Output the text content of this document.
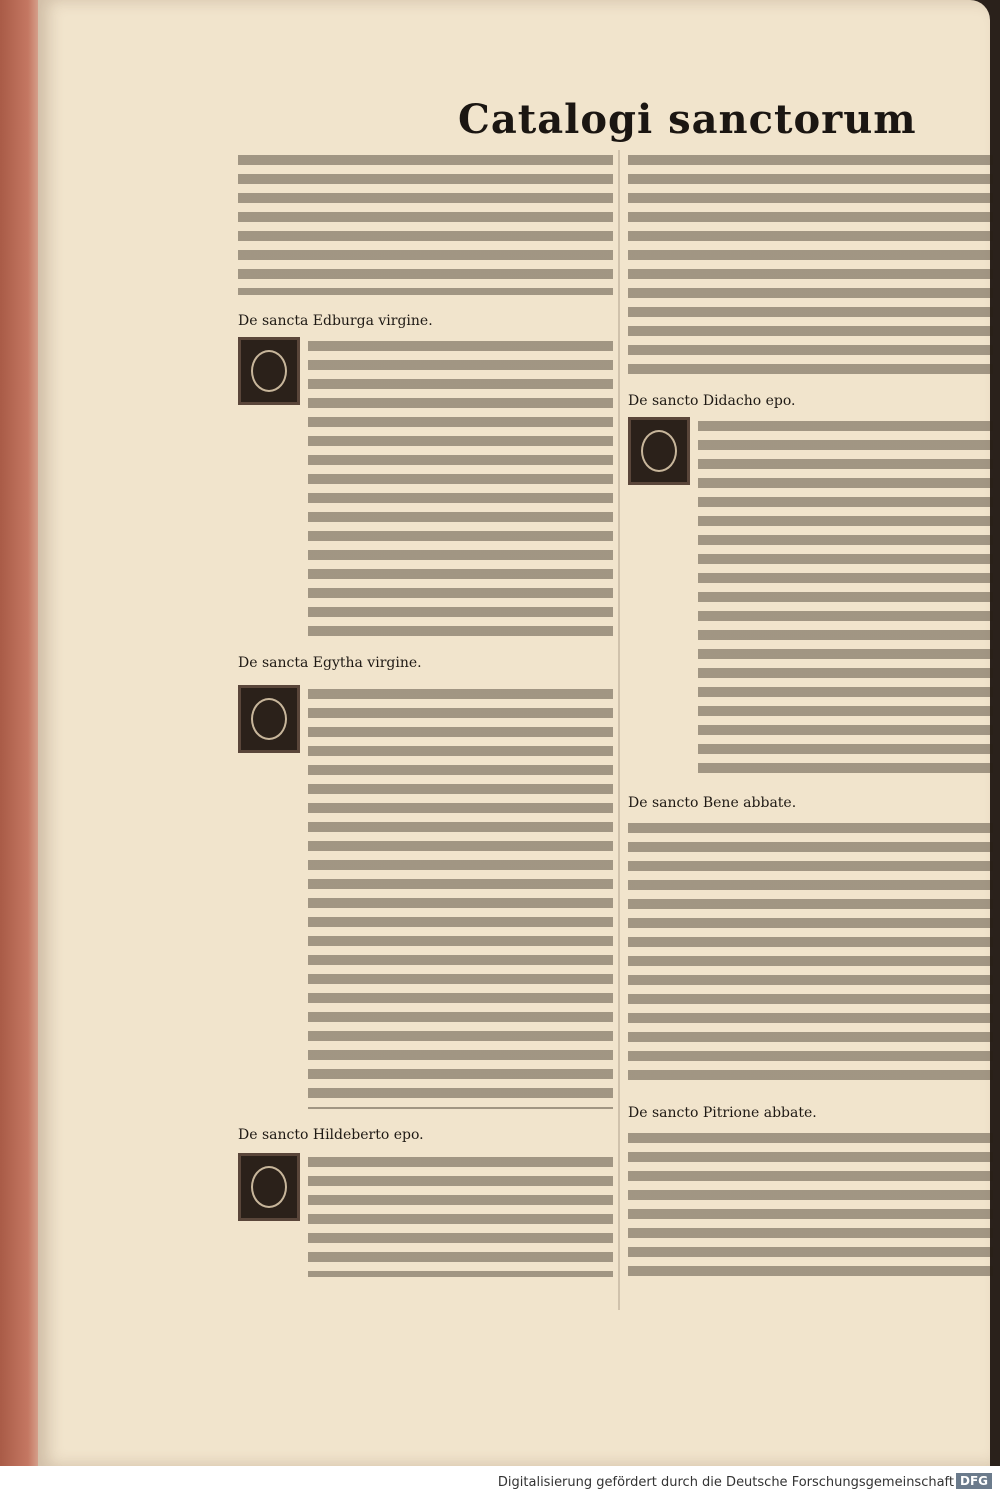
Catalogi sanctorum
De sancta Edburga virgine.
De sancta Egytha virgine.
De sancto Hildeberto epo.
De sancto Didacho epo.
De sancto Bene abbate.
De sancto Pitrione abbate.
Digitalisierung gefördert durch die Deutsche Forschungsgemeinschaft DFG
